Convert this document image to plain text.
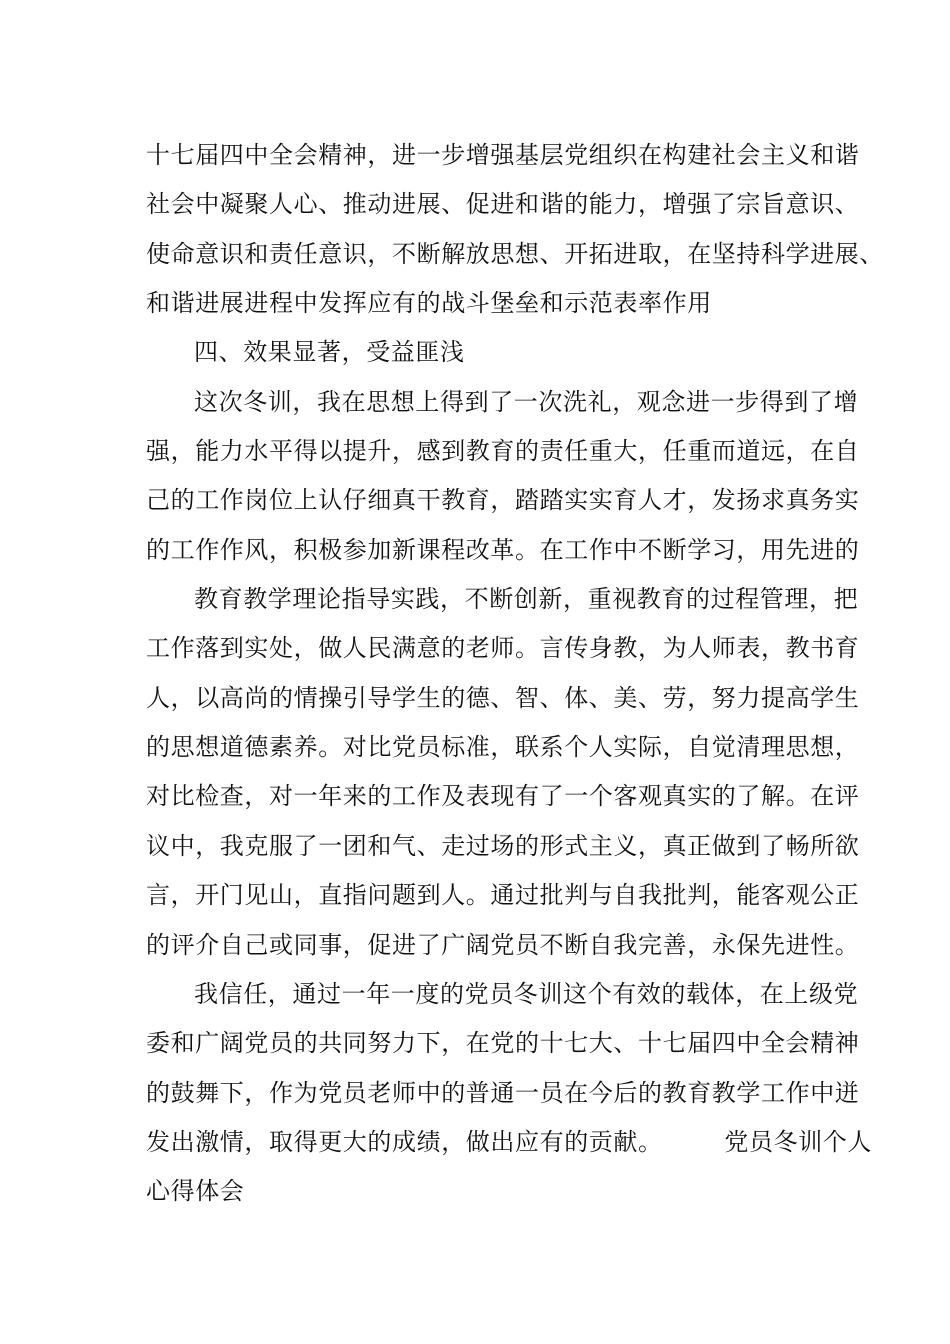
十七届四中全会精神，进一步增强基层党组织在构建社会主义和谐
社会中凝聚人心、推动进展、促进和谐的能力，增强了宗旨意识、
使命意识和责任意识，不断解放思想、开拓进取，在坚持科学进展、
和谐进展进程中发挥应有的战斗堡垒和示范表率作用
四、效果显著，受益匪浅
这次冬训，我在思想上得到了一次洗礼，观念进一步得到了增
强，能力水平得以提升，感到教育的责任重大，任重而道远，在自
己的工作岗位上认仔细真干教育，踏踏实实育人才，发扬求真务实
的工作作风，积极参加新课程改革。在工作中不断学习，用先进的
教育教学理论指导实践，不断创新，重视教育的过程管理，把
工作落到实处，做人民满意的老师。言传身教，为人师表，教书育
人，以高尚的情操引导学生的德、智、体、美、劳，努力提高学生
的思想道德素养。对比党员标准，联系个人实际，自觉清理思想，
对比检查，对一年来的工作及表现有了一个客观真实的了解。在评
议中，我克服了一团和气、走过场的形式主义，真正做到了畅所欲
言，开门见山，直指问题到人。通过批判与自我批判，能客观公正
的评介自己或同事，促进了广阔党员不断自我完善，永保先进性。
我信任，通过一年一度的党员冬训这个有效的载体，在上级党
委和广阔党员的共同努力下，在党的十七大、十七届四中全会精神
的鼓舞下，作为党员老师中的普通一员在今后的教育教学工作中迸
发出激情，取得更大的成绩，做出应有的贡献。　　　党员冬训个人
心得体会
